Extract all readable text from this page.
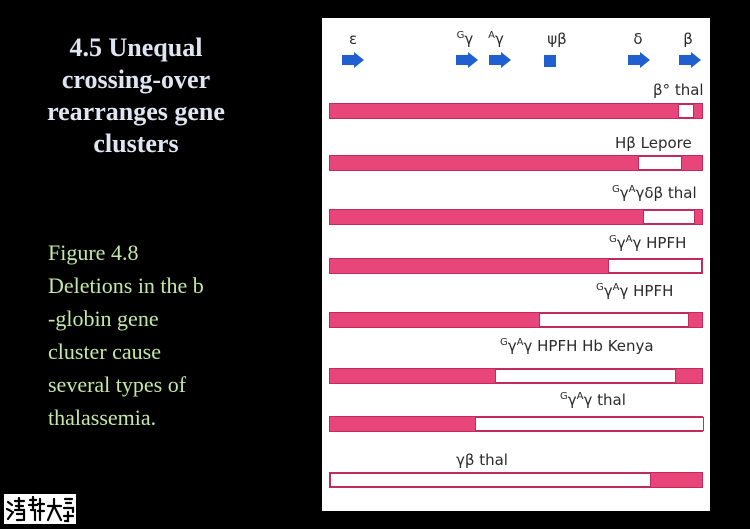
4.5 Unequal
crossing-over
rearranges gene
clusters
Figure 4.8
Deletions in the b
-globin gene
cluster cause
several types of
thalassemia.
ε	$^G$γ	$^A$γ	ψβ	δ	β
β° thal
Hβ Lepore
$^G\gamma^A\gamma\delta\beta$ thal
$^G\gamma^A\gamma$ HPFH
$^G\gamma^A\gamma$ HPFH
$^G\gamma^A\gamma$ HPFH Hb Kenya
$^G\gamma^A\gamma$ thal
γβ thal
